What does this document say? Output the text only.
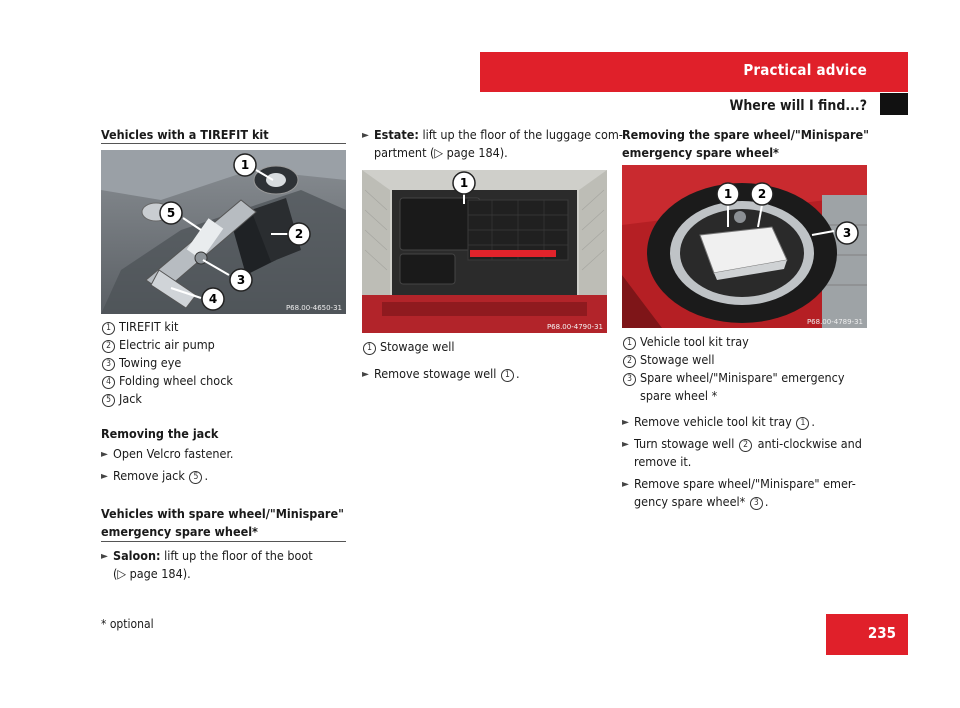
Practical advice
Where will I find...?
Vehicles with a TIREFIT kit
1
2
3
4
5
P68.00-4650-31
1 TIREFIT kit
2 Electric air pump
3 Towing eye
4 Folding wheel chock
5 Jack
Removing the jack
► Open Velcro fastener.
► Remove jack 5 .
Vehicles with spare wheel/"Minispare"
emergency spare wheel*
► Saloon: lift up the floor of the boot
(▷ page 184).
► Estate: lift up the floor of the luggage com-
partment (▷ page 184).
1
P68.00-4790-31
1 Stowage well
► Remove stowage well 1 .
Removing the spare wheel/"Minispare"
emergency spare wheel*
1 2
3
P68.00-4789-31
1 Vehicle tool kit tray
2 Stowage well
3 Spare wheel/"Minispare" emergency
spare wheel *
► Remove vehicle tool kit tray 1 .
► Turn stowage well 2 anti-clockwise and
remove it.
► Remove spare wheel/"Minispare" emer-
gency spare wheel* 3 .
* optional	235
